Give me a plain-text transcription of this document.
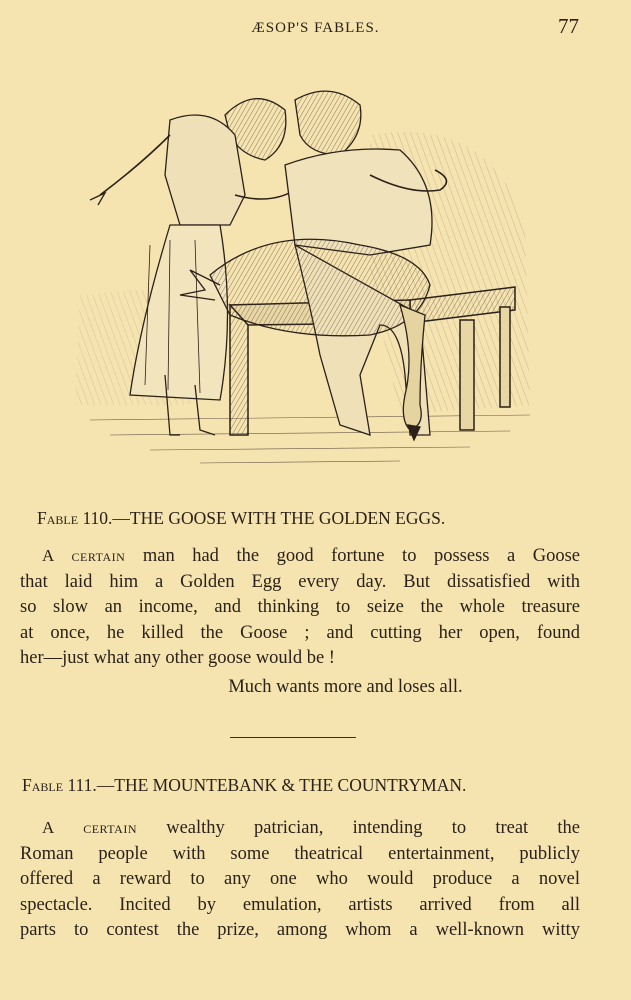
ÆSOP'S FABLES.	77
Fable 110.—THE GOOSE WITH THE GOLDEN EGGS.
A certain man had the good fortune to possess a Goose
that laid him a Golden Egg every day. But dissatisfied with
so slow an income, and thinking to seize the whole treasure
at once, he killed the Goose ; and cutting her open, found
her—just what any other goose would be !
Much wants more and loses all.
Fable 111.—THE MOUNTEBANK & THE COUNTRYMAN.
A certain wealthy patrician, intending to treat the
Roman people with some theatrical entertainment, publicly
offered a reward to any one who would produce a novel
spectacle. Incited by emulation, artists arrived from all
parts to contest the prize, among whom a well-known witty
